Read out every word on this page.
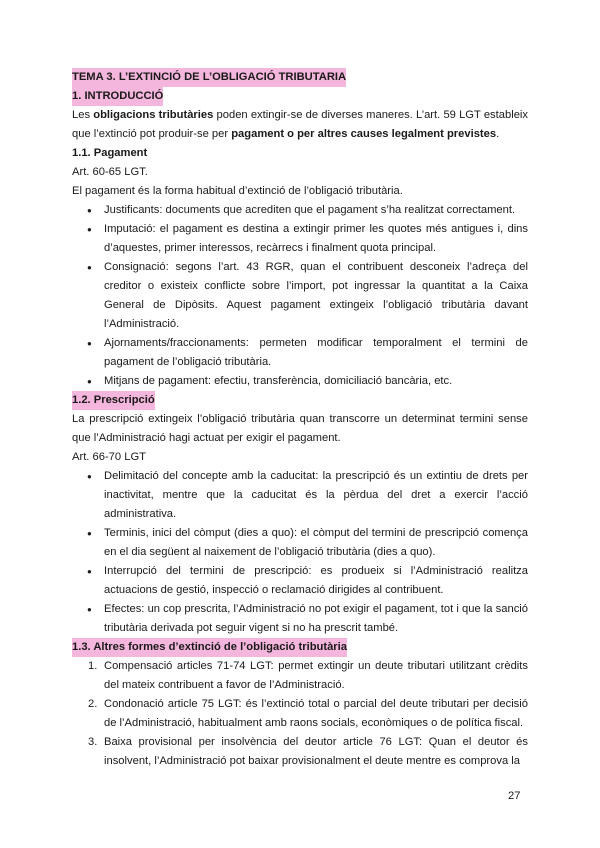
TEMA 3. L’EXTINCIÓ DE L’OBLIGACIÓ TRIBUTARIA
1. INTRODUCCIÓ

Les obligacions tributàries poden extingir-se de diverses maneres. L’art. 59 LGT estableix que l’extinció pot produir-se per pagament o per altres causes legalment previstes.

1.1. Pagament

Art. 60-65 LGT.

El pagament és la forma habitual d’extinció de l’obligació tributària.

● Justificants: documents que acrediten que el pagament s’ha realitzat correctament.
● Imputació: el pagament es destina a extingir primer les quotes més antigues i, dins d’aquestes, primer interessos, recàrrecs i finalment quota principal.
● Consignació: segons l’art. 43 RGR, quan el contribuent desconeix l’adreça del creditor o existeix conflicte sobre l’import, pot ingressar la quantitat a la Caixa General de Dipòsits. Aquest pagament extingeix l’obligació tributària davant l’Administració.
● Ajornaments/fraccionaments: permeten modificar temporalment el termini de pagament de l’obligació tributària.
● Mitjans de pagament: efectiu, transferència, domiciliació bancària, etc.
1.2. Prescripció

La prescripció extingeix l’obligació tributària quan transcorre un determinat termini sense que l’Administració hagi actuat per exigir el pagament.

Art. 66-70 LGT

● Delimitació del concepte amb la caducitat: la prescripció és un extintiu de drets per inactivitat, mentre que la caducitat és la pèrdua del dret a exercir l’acció administrativa.
● Terminis, inici del còmput (dies a quo): el còmput del termini de prescripció comença en el dia següent al naixement de l’obligació tributària (dies a quo).
● Interrupció del termini de prescripció: es produeix si l’Administració realitza actuacions de gestió, inspecció o reclamació dirigides al contribuent.
● Efectes: un cop prescrita, l’Administració no pot exigir el pagament, tot i que la sanció tributària derivada pot seguir vigent si no ha prescrit també.
1.3. Altres formes d’extinció de l’obligació tributària
1. Compensació articles 71-74 LGT: permet extingir un deute tributari utilitzant crèdits del mateix contribuent a favor de l’Administració.
2. Condonació article 75 LGT: és l’extinció total o parcial del deute tributari per decisió de l’Administració, habitualment amb raons socials, econòmiques o de política fiscal.
3. Baixa provisional per insolvència del deutor article 76 LGT: Quan el deutor és insolvent, l’Administració pot baixar provisionalment el deute mentre es comprova la
27
